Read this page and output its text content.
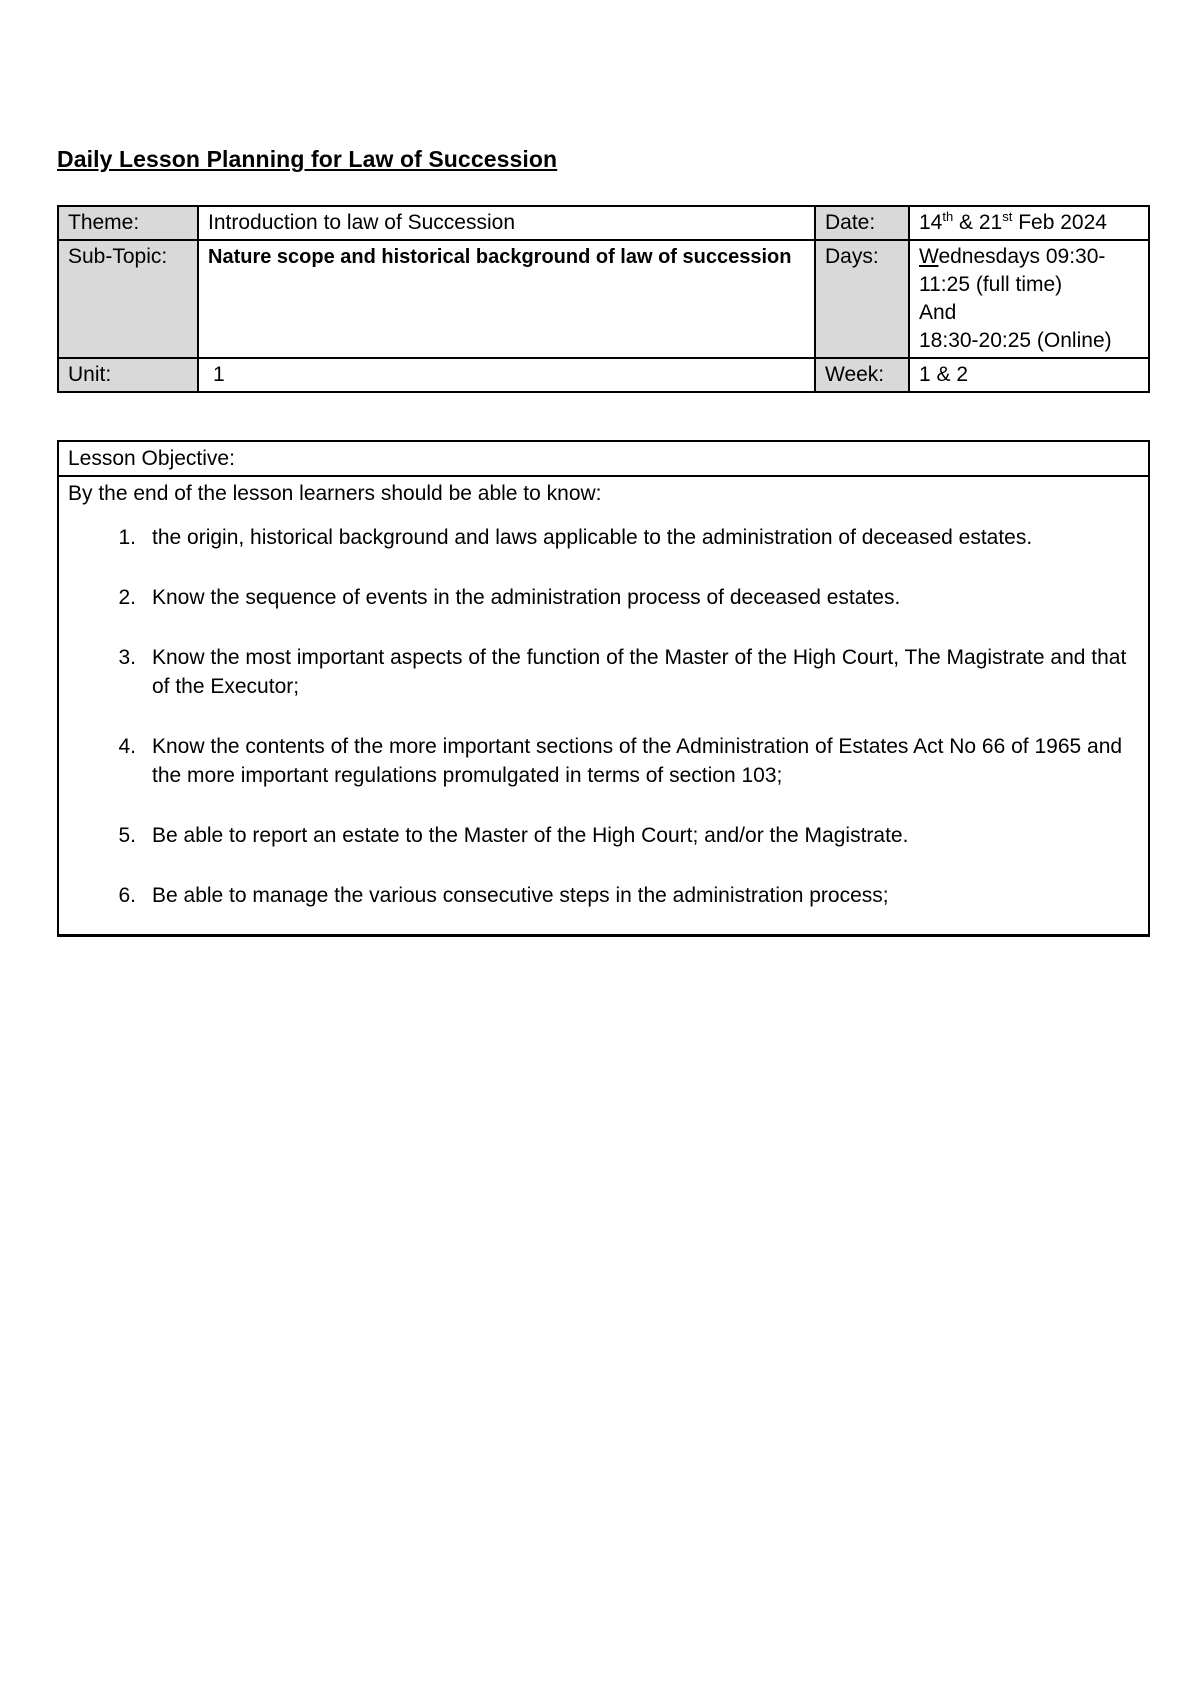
Daily Lesson Planning for Law of Succession
Theme:	Introduction to law of Succession	Date:	14th & 21st Feb 2024
Sub-Topic:	Nature scope and historical background of law of succession	Days:	Wednesdays 09:30-
11:25 (full time)
And
18:30-20:25 (Online)

Unit:	1	Week:	1 & 2
Lesson Objective:

By the end of the lesson learners should be able to know:

1. the origin, historical background and laws applicable to the administration of deceased estates.
2. Know the sequence of events in the administration process of deceased estates.
3. Know the most important aspects of the function of the Master of the High Court, The Magistrate and that of the Executor;
4. Know the contents of the more important sections of the Administration of Estates Act No 66 of 1965 and the more important regulations promulgated in terms of section 103;
5. Be able to report an estate to the Master of the High Court; and/or the Magistrate.
6. Be able to manage the various consecutive steps in the administration process;
